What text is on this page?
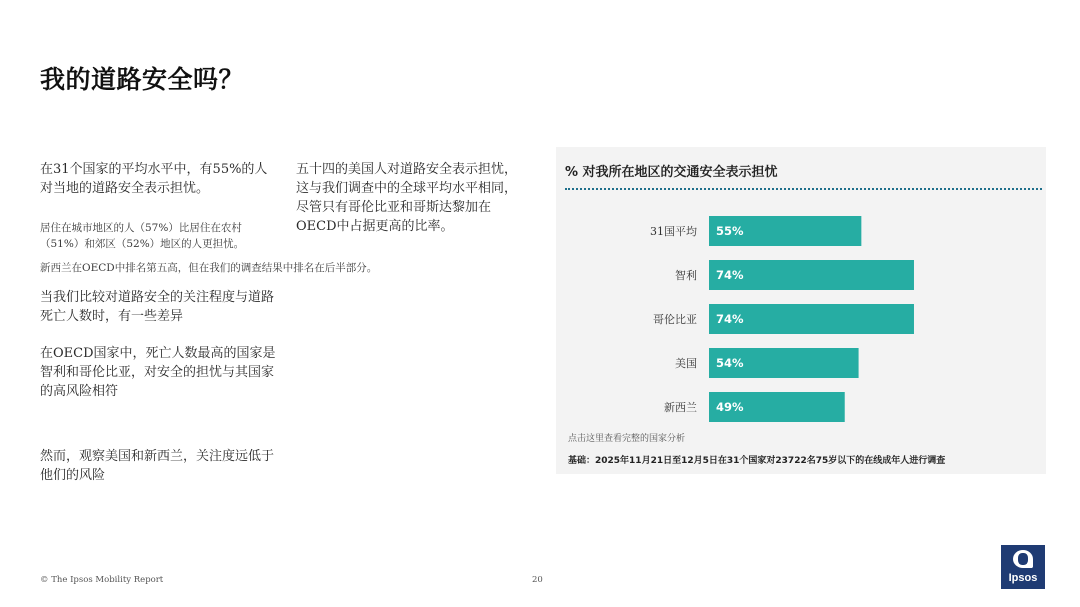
我的道路安全吗？

在31个国家的平均水平中，有55%的人对当地的道路安全表示担忧。

居住在城市地区的人（57%）比居住在农村（51%）和郊区（52%）地区的人更担忧。

新西兰在OECD中排名第五高，但在我们的调查结果中排名在后半部分。

当我们比较对道路安全的关注程度与道路死亡人数时，有一些差异

在OECD国家中，死亡人数最高的国家是智利和哥伦比亚，对安全的担忧与其国家的高风险相符

然而，观察美国和新西兰，关注度远低于他们的风险

五十四的美国人对道路安全表示担忧，这与我们调查中的全球平均水平相同，尽管只有哥伦比亚和哥斯达黎加在OECD中占据更高的比率。

% 对我所在地区的交通安全表示担忧
31国平均 55%
智利 74%
哥伦比亚 74%
美国 54%
新西兰 49%
点击这里查看完整的国家分析
基础：2025年11月21日至12月5日在31个国家对23722名75岁以下的在线成年人进行调查
© The Ipsos Mobility Report	20	Ipsos
